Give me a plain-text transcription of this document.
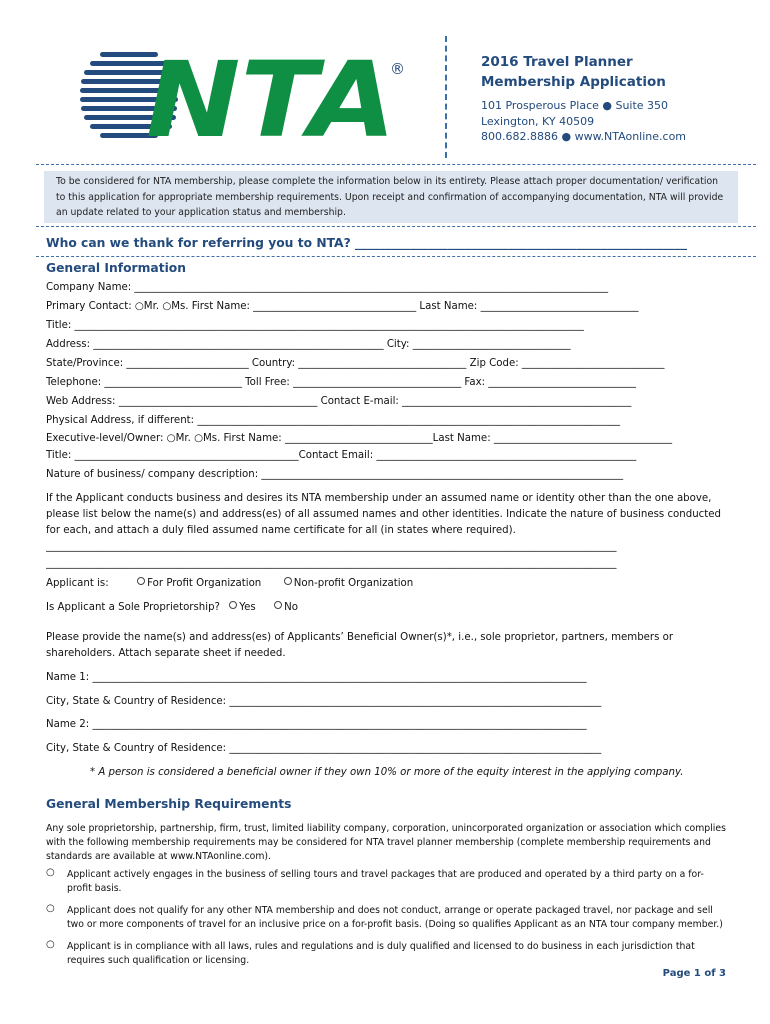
NTA
®	2016 Travel Planner
Membership Application
101 Prosperous Place ● Suite 350
Lexington, KY 40509
800.682.8886 ● www.NTAonline.com
To be considered for NTA membership, please complete the information below in its entirety. Please attach proper documentation/ verification to this application for appropriate membership requirements. Upon receipt and confirmation of accompanying documentation, NTA will provide an update related to your application status and membership.
Who can we thank for referring you to NTA? ______________________________________________________
General Information
Company Name: _____________________________________________________________________________________________
Primary Contact: ○Mr. ○Ms. First Name: ________________________________ Last Name: _______________________________
Title: ____________________________________________________________________________________________________
Address: _________________________________________________________ City: _______________________________
State/Province: ________________________ Country: _________________________________ Zip Code: ____________________________
Telephone: ___________________________ Toll Free: _________________________________ Fax: _____________________________
Web Address: _______________________________________ Contact E-mail: _____________________________________________
Physical Address, if different: ___________________________________________________________________________________
Executive-level/Owner: ○Mr. ○Ms. First Name: _____________________________Last Name: ___________________________________
Title: ____________________________________________Contact Email: ___________________________________________________
Nature of business/ company description: _______________________________________________________________________
If the Applicant conducts business and desires its NTA membership under an assumed name or identity other than the one above, please list below the name(s) and address(es) of all assumed names and other identities. Indicate the nature of business conducted for each, and attach a duly filed assumed name certificate for all (in states where required).
________________________________________________________________________________________________________________
________________________________________________________________________________________________________________
Applicant is:	For Profit Organization	Non-profit Organization
Is Applicant a Sole Proprietorship? Yes	No
Please provide the name(s) and address(es) of Applicants’ Beneficial Owner(s)*, i.e., sole proprietor, partners, members or shareholders. Attach separate sheet if needed.
Name 1: _________________________________________________________________________________________________
City, State & Country of Residence: _________________________________________________________________________
Name 2: _________________________________________________________________________________________________
City, State & Country of Residence: _________________________________________________________________________
* A person is considered a beneficial owner if they own 10% or more of the equity interest in the applying company.
General Membership Requirements
Any sole proprietorship, partnership, firm, trust, limited liability company, corporation, unincorporated organization or association which complies with the following membership requirements may be considered for NTA travel planner membership (complete membership requirements and standards are available at www.NTAonline.com).
○ Applicant actively engages in the business of selling tours and travel packages that are produced and operated by a third party on a for-profit basis.
○ Applicant does not qualify for any other NTA membership and does not conduct, arrange or operate packaged travel, nor package and sell two or more components of travel for an inclusive price on a for-profit basis. (Doing so qualifies Applicant as an NTA tour company member.)
○ Applicant is in compliance with all laws, rules and regulations and is duly qualified and licensed to do business in each jurisdiction that requires such qualification or licensing.
Page 1 of 3
